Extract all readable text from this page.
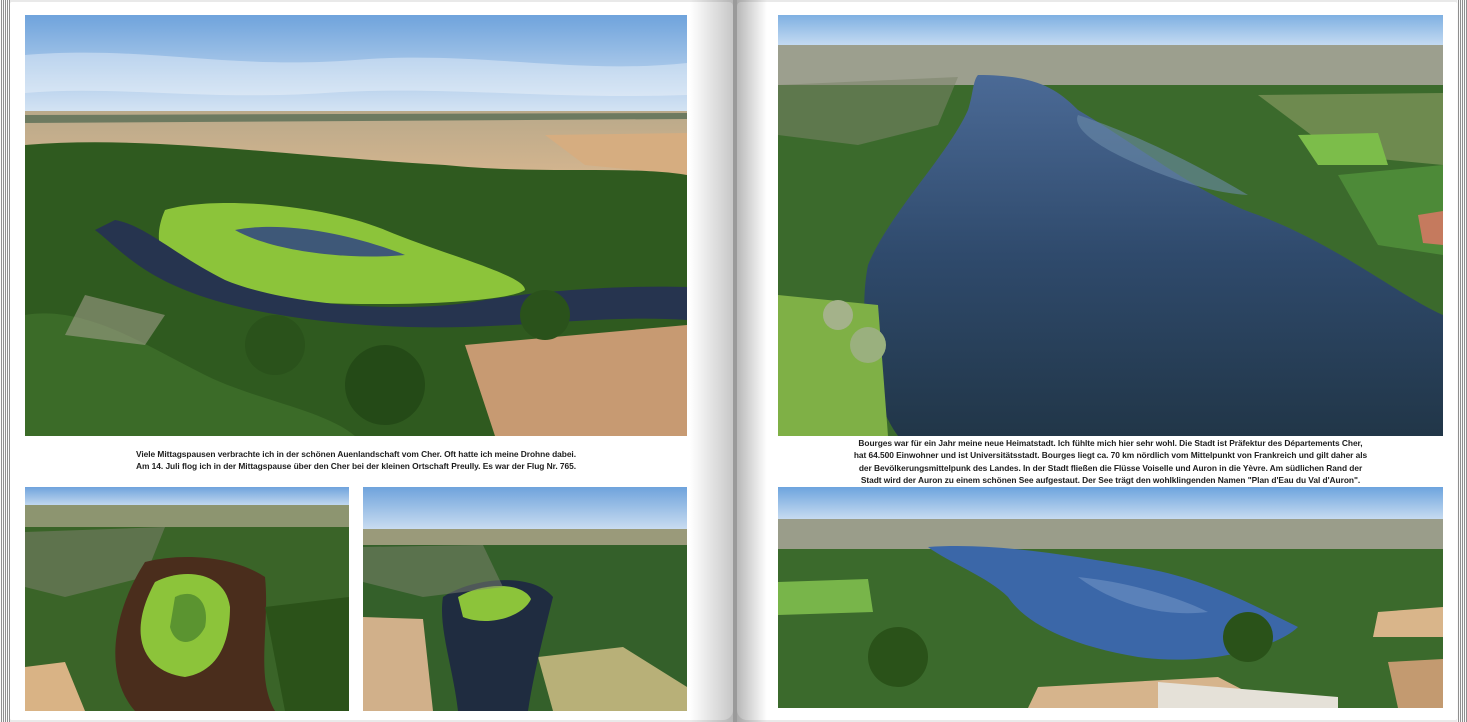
Viele Mittagspausen verbrachte ich in der schönen Auenlandschaft vom Cher. Oft hatte ich meine Drohne dabei.
Am 14. Juli flog ich in der Mittagspause über den Cher bei der kleinen Ortschaft Preully. Es war der Flug Nr. 765.
Bourges war für ein Jahr meine neue Heimatstadt. Ich fühlte mich hier sehr wohl. Die Stadt ist Präfektur des Départements Cher,
hat 64.500 Einwohner und ist Universitätsstadt. Bourges liegt ca. 70 km nördlich vom Mittelpunkt von Frankreich und gilt daher als
der Bevölkerungsmittelpunk des Landes. In der Stadt fließen die Flüsse Voiselle und Auron in die Yèvre. Am südlichen Rand der
Stadt wird der Auron zu einem schönen See aufgestaut. Der See trägt den wohlklingenden Namen "Plan d'Eau du Val d'Auron".
